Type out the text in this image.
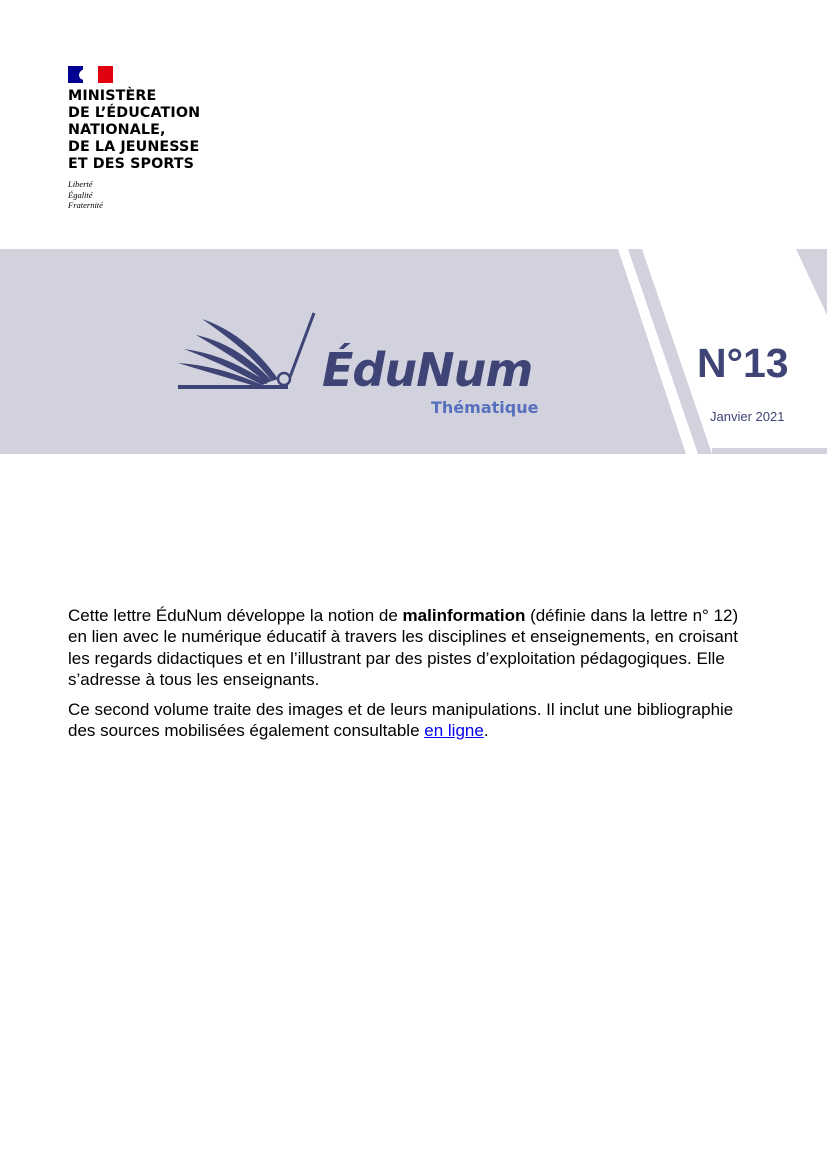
MINISTÈRE
DE L’ÉDUCATION
NATIONALE,
DE LA JEUNESSE
ET DES SPORTS
Liberté
Égalité
Fraternité
ÉduNum
Thématique
N°13
Janvier 2021

Cette lettre ÉduNum développe la notion de malinformation (définie dans la lettre n° 12) en lien avec le numérique éducatif à travers les disciplines et enseignements, en croisant les regards didactiques et en l’illustrant par des pistes d’exploitation pédagogiques. Elle s’adresse à tous les enseignants.

Ce second volume traite des images et de leurs manipulations. Il inclut une bibliographie des sources mobilisées également consultable en ligne.
